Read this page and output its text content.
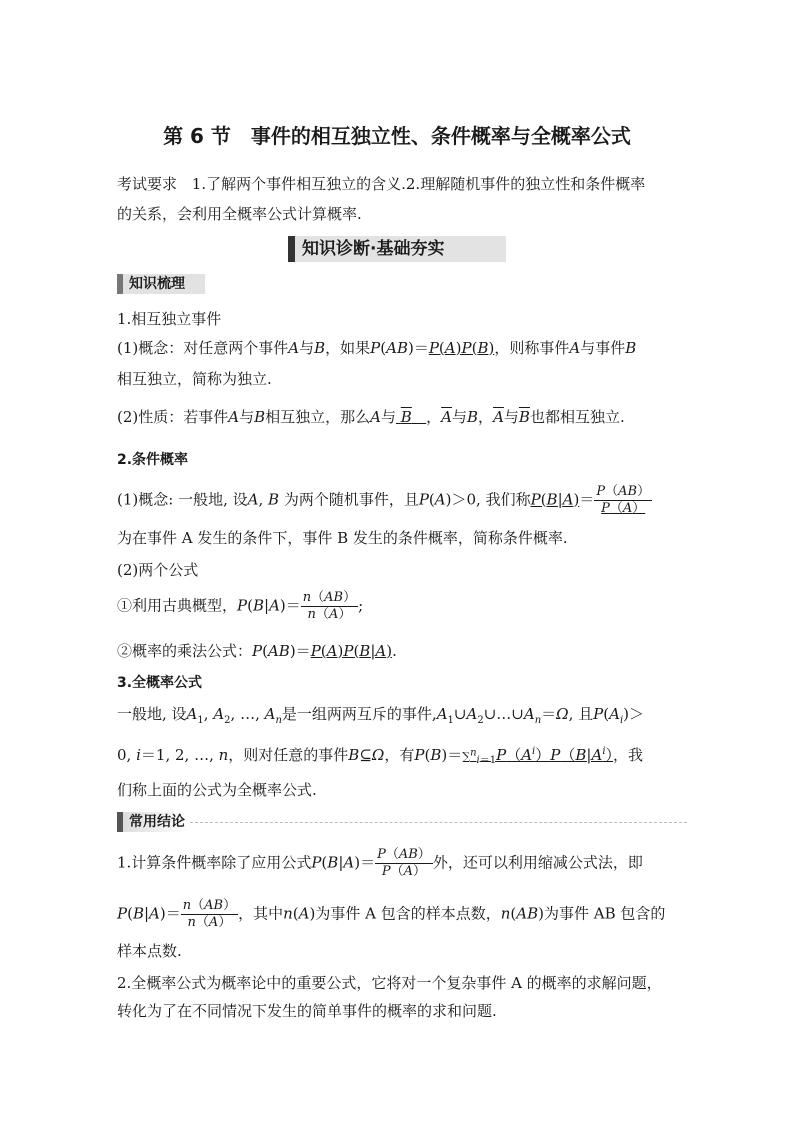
第 6 节　事件的相互独立性、条件概率与全概率公式
考试要求 1.了解两个事件相互独立的含义.2.理解随机事件的独立性和条件概率
的关系，会利用全概率公式计算概率.
知识诊断·基础夯实
知识梳理
1.相互独立事件
(1)概念：对任意两个事件A与B，如果P(AB)＝P(A)P(B)，则称事件A与事件B
相互独立，简称为独立.
(2)性质：若事件A与B相互独立，那么A与 B ，$\overline{A}$与B，$\overline{A}$与$\overline{B}$也都相互独立.
2.条件概率
(1)概念: 一般地, 设A, B 为两个随机事件，且P(A)＞0, 我们称$P(B|A)= \frac{P(AB)}{P(A)}$
为在事件 A 发生的条件下，事件 B 发生的条件概率，简称条件概率.
(2)两个公式
①利用古典概型，$P(B|A)= \frac{n(AB)}{n(A)}$ ;
②概率的乘法公式：P(AB)＝P(A)P(B|A).
3.全概率公式
一般地, 设$A_1$, $A_2$, …, $A_n$是一组两两互斥的事件$,A_1\cup A_2\cup\dots\cup A_n=\Omega$, 且$P(A_i)>$
0, i＝1, 2, …, n，则对任意的事件B⊆Ω，有$P(B)=\sum^n_{i=1}P(A^i)P(B|A^i)$，我
们称上面的公式为全概率公式.
常用结论
1.计算条件概率除了应用公式$P(B|A)= \frac{P(AB)}{P(A)}$ 外，还可以利用缩减公式法，即
$P(B|A)= \frac{n(AB)}{n(A)}$ ，其中n(A)为事件 A 包含的样本点数，n(AB)为事件 AB 包含的
样本点数.
2.全概率公式为概率论中的重要公式，它将对一个复杂事件 A 的概率的求解问题，
转化为了在不同情况下发生的简单事件的概率的求和问题.
